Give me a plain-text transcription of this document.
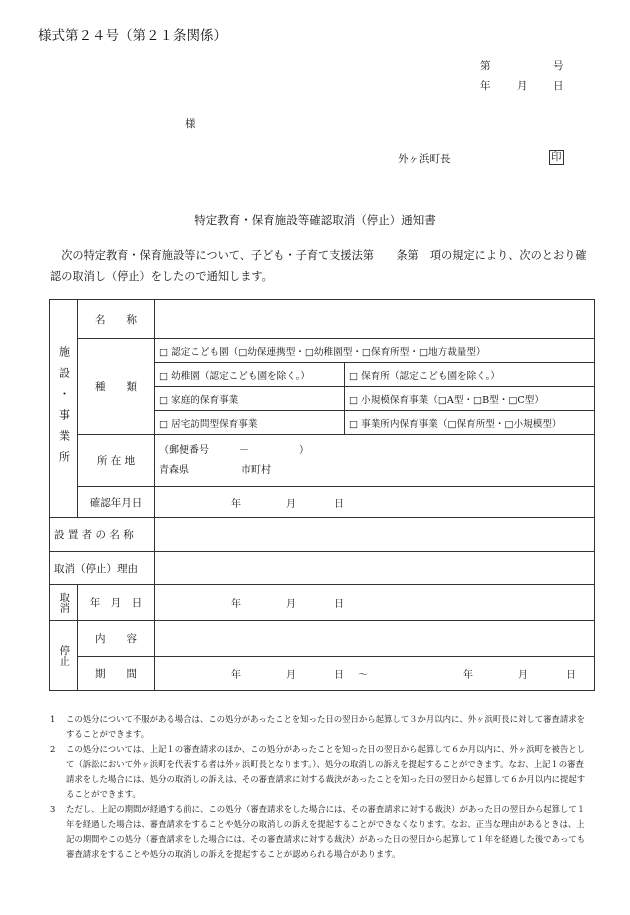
様式第２４号（第２１条関係）
第	号
年	月 日
様
外ヶ浜町長	印
特定教育・保育施設等確認取消（停止）通知書
　次の特定教育・保育施設等について、子ども・子育て支援法第　　条第　項の規定により、次のとおり確認の取消し（停止）をしたので通知します。
施設・事業所	名　　称		
	種　　類	□ 認定こども園（□幼保連携型・□幼稚園型・□保育所型・□地方裁量型）	
		□ 幼稚園（認定こども園を除く。）	□ 保育所（認定こども園を除く。）
		□ 家庭的保育事業	□ 小規模保育事業（□A型・□B型・□C型）
		□ 居宅訪問型保育事業	□ 事業所内保育事業（□保育所型・□小規模型）
	所 在 地	（郵便番号　　　－　　　　　）
青森県 市町村	

	確認年月日	年 月 日	
設 置 者 の 名 称			
取消（停止）理由			

取消	年　月　日	年 月 日	

停止	内　　容		
	期　　間	年 月 日 ～ 年 月 日	
1 この処分について不服がある場合は、この処分があったことを知った日の翌日から起算して３か月以内に、外ヶ浜町長に対して審査請求をすることができます。
2 この処分については、上記１の審査請求のほか、この処分があったことを知った日の翌日から起算して６か月以内に、外ヶ浜町を被告として（訴訟において外ヶ浜町を代表する者は外ヶ浜町長となります。）、処分の取消しの訴えを提起することができます。なお、上記１の審査請求をした場合には、処分の取消しの訴えは、その審査請求に対する裁決があったことを知った日の翌日から起算して６か月以内に提起することができます。
3 ただし、上記の期間が経過する前に、この処分（審査請求をした場合には、その審査請求に対する裁決）があった日の翌日から起算して１年を経過した場合は、審査請求をすることや処分の取消しの訴えを提起することができなくなります。なお、正当な理由があるときは、上記の期間やこの処分（審査請求をした場合には、その審査請求に対する裁決）があった日の翌日から起算して１年を経過した後であっても審査請求をすることや処分の取消しの訴えを提起することが認められる場合があります。
